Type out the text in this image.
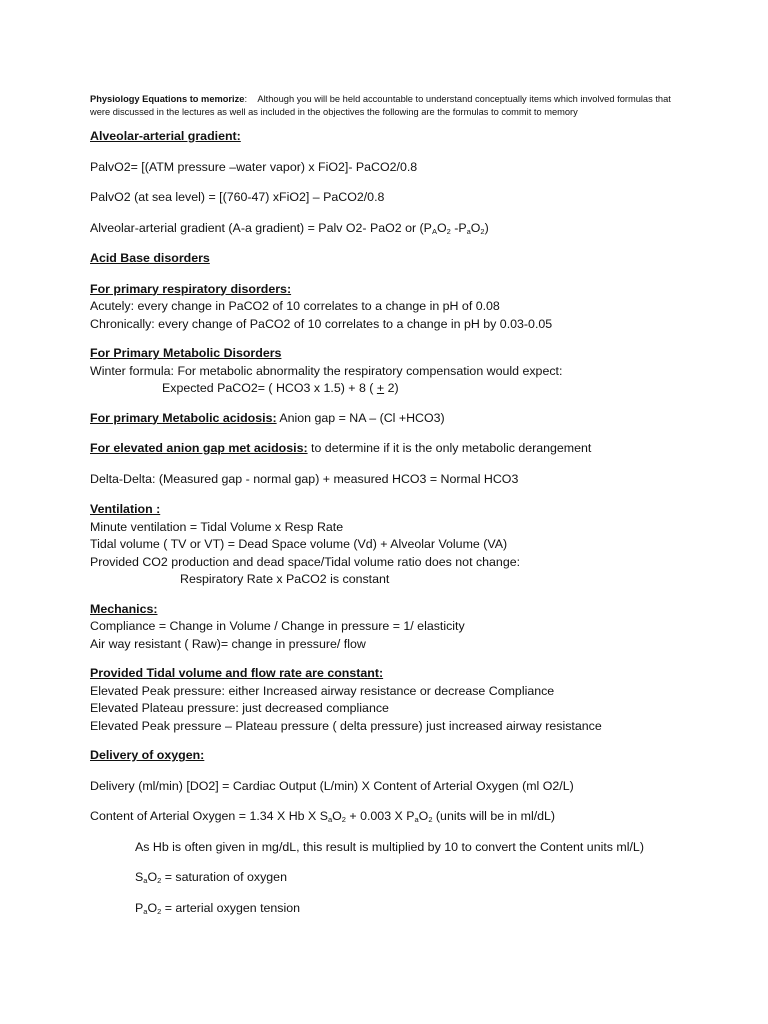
Physiology Equations to memorize: Although you will be held accountable to understand conceptually items which involved formulas that were discussed in the lectures as well as included in the objectives the following are the formulas to commit to memory

Alveolar-arterial gradient:

PalvO2= [(ATM pressure –water vapor) x FiO2]- PaCO2/0.8

PalvO2 (at sea level) = [(760-47) xFiO2] – PaCO2/0.8

Alveolar-arterial gradient (A-a gradient) = Palv O2- PaO2 or ($P_AO_2$ $-P_aO_2$)

Acid Base disorders

For primary respiratory disorders:

Acutely: every change in PaCO2 of 10 correlates to a change in pH of 0.08

Chronically: every change of PaCO2 of 10 correlates to a change in pH by 0.03-0.05

For Primary Metabolic Disorders

Winter formula: For metabolic abnormality the respiratory compensation would expect:

Expected PaCO2= ( HCO3 x 1.5) + 8 ( + 2)

For primary Metabolic acidosis: Anion gap = NA – (Cl +HCO3)

For elevated anion gap met acidosis: to determine if it is the only metabolic derangement

Delta-Delta: (Measured gap - normal gap) + measured HCO3 = Normal HCO3

Ventilation :

Minute ventilation = Tidal Volume x Resp Rate

Tidal volume ( TV or VT) = Dead Space volume (Vd) + Alveolar Volume (VA)

Provided CO2 production and dead space/Tidal volume ratio does not change:

Respiratory Rate x PaCO2 is constant

Mechanics:

Compliance = Change in Volume / Change in pressure = 1/ elasticity

Air way resistant ( Raw)= change in pressure/ flow

Provided Tidal volume and flow rate are constant:

Elevated Peak pressure: either Increased airway resistance or decrease Compliance

Elevated Plateau pressure: just decreased compliance

Elevated Peak pressure – Plateau pressure ( delta pressure) just increased airway resistance

Delivery of oxygen:

Delivery (ml/min) [DO2] = Cardiac Output (L/min) X Content of Arterial Oxygen (ml O2/L)

Content of Arterial Oxygen = 1.34 X Hb X $S_aO_2 + 0.003$ X $P_aO_2$ (units will be in ml/dL)

As Hb is often given in mg/dL, this result is multiplied by 10 to convert the Content units ml/L)

$S_aO_2$ = saturation of oxygen

$P_aO_2$ = arterial oxygen tension
